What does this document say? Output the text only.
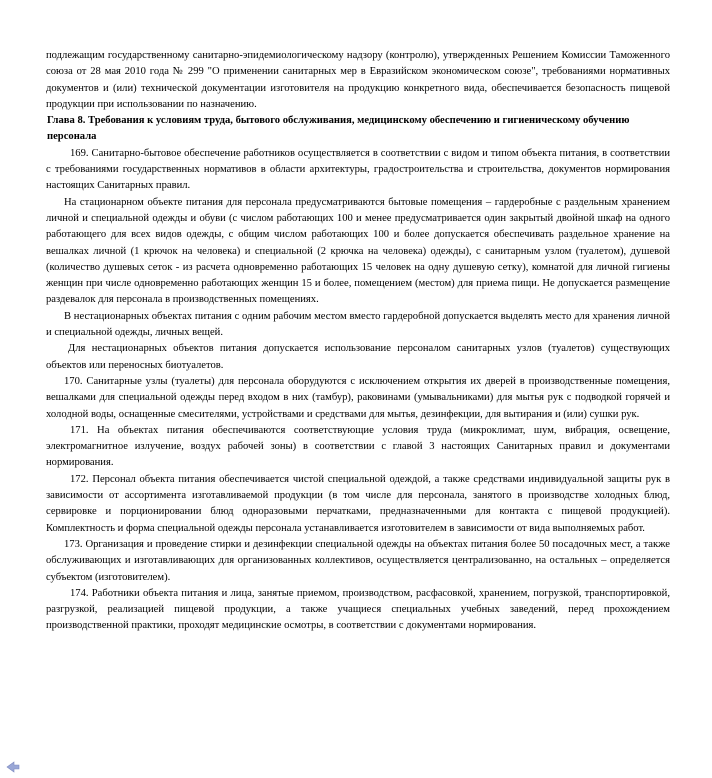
подлежащим государственному санитарно-эпидемиологическому надзору (контролю), утвержденных Решением Комиссии Таможенного союза от 28 мая 2010 года № 299 "О применении санитарных мер в Евразийском экономическом союзе", требованиями нормативных документов и (или) технической документации изготовителя на продукцию конкретного вида, обеспечивается безопасность пищевой продукции при использовании по назначению.

Глава 8. Требования к условиям труда, бытового обслуживания, медицинскому обеспечению и гигиеническому обучению персонала

169. Санитарно-бытовое обеспечение работников осуществляется в соответствии с видом и типом объекта питания, в соответствии с требованиями государственных нормативов в области архитектуры, градостроительства и строительства, документов нормирования настоящих Санитарных правил.

На стационарном объекте питания для персонала предусматриваются бытовые помещения – гардеробные с раздельным хранением личной и специальной одежды и обуви (с числом работающих 100 и менее предусматривается один закрытый двойной шкаф на одного работающего для всех видов одежды, с общим числом работающих 100 и более допускается обеспечивать раздельное хранение на вешалках личной (1 крючок на человека) и специальной (2 крючка на человека) одежды), с санитарным узлом (туалетом), душевой (количество душевых сеток - из расчета одновременно работающих 15 человек на одну душевую сетку), комнатой для личной гигиены женщин при числе одновременно работающих женщин 15 и более, помещением (местом) для приема пищи. Не допускается размещение раздевалок для персонала в производственных помещениях.

В нестационарных объектах питания с одним рабочим местом вместо гардеробной допускается выделять место для хранения личной и специальной одежды, личных вещей.

Для нестационарных объектов питания допускается использование персоналом санитарных узлов (туалетов) существующих объектов или переносных биотуалетов.

170. Санитарные узлы (туалеты) для персонала оборудуются с исключением открытия их дверей в производственные помещения, вешалками для специальной одежды перед входом в них (тамбур), раковинами (умывальниками) для мытья рук с подводкой горячей и холодной воды, оснащенные смесителями, устройствами и средствами для мытья, дезинфекции, для вытирания и (или) сушки рук.

171. На объектах питания обеспечиваются соответствующие условия труда (микроклимат, шум, вибрация, освещение, электромагнитное излучение, воздух рабочей зоны) в соответствии с главой 3 настоящих Санитарных правил и документами нормирования.

172. Персонал объекта питания обеспечивается чистой специальной одеждой, а также средствами индивидуальной защиты рук в зависимости от ассортимента изготавливаемой продукции (в том числе для персонала, занятого в производстве холодных блюд, сервировке и порционировании блюд одноразовыми перчатками, предназначенными для контакта с пищевой продукцией). Комплектность и форма специальной одежды персонала устанавливается изготовителем в зависимости от вида выполняемых работ.

173. Организация и проведение стирки и дезинфекции специальной одежды на объектах питания более 50 посадочных мест, а также обслуживающих и изготавливающих для организованных коллективов, осуществляется централизованно, на остальных – определяется субъектом (изготовителем).

174. Работники объекта питания и лица, занятые приемом, производством, расфасовкой, хранением, погрузкой, транспортировкой, разгрузкой, реализацией пищевой продукции, а также учащиеся специальных учебных заведений, перед прохождением производственной практики, проходят медицинские осмотры, в соответствии с документами нормирования.
